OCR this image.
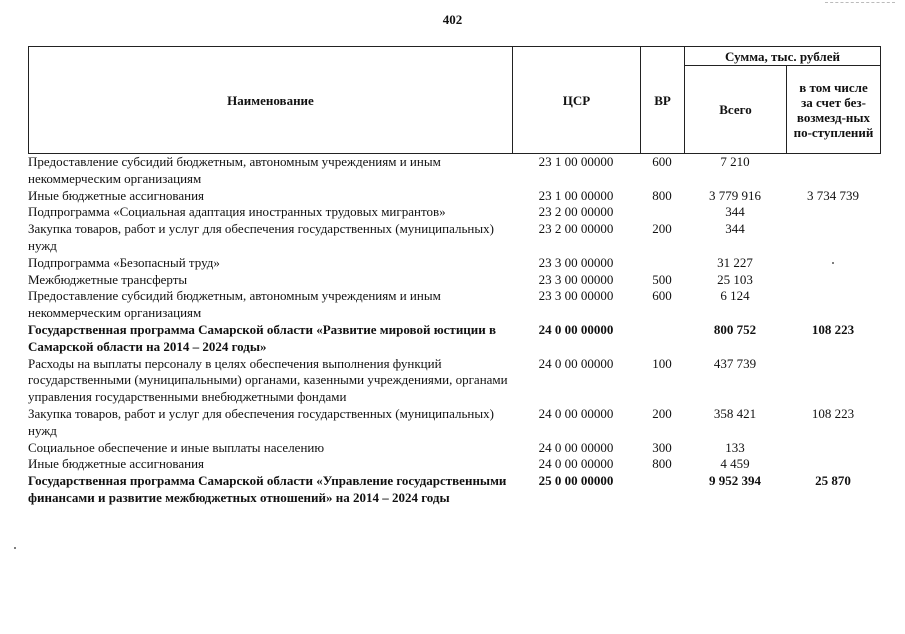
402
Наименование	ЦСР	ВР	Сумма, тыс. рублей	
			Всего	в том числе за счет без-возмезд-ных по-ступлений
Предоставление субсидий бюджетным, автономным учреждениям и иным некоммерческим организациям	23 1 00 00000	600	7 210	
Иные бюджетные ассигнования	23 1 00 00000	800	3 779 916	3 734 739
Подпрограмма «Социальная адаптация иностранных трудовых мигрантов»	23 2 00 00000		344	
Закупка товаров, работ и услуг для обеспечения государственных (муниципальных) нужд	23 2 00 00000	200	344	
Подпрограмма «Безопасный труд»	23 3 00 00000		31 227	
Межбюджетные трансферты	23 3 00 00000	500	25 103	
Предоставление субсидий бюджетным, автономным учреждениям и иным некоммерческим организациям	23 3 00 00000	600	6 124	
Государственная программа Самарской области «Развитие мировой юстиции в Самарской области на 2014 – 2024 годы»	24 0 00 00000		800 752	108 223
Расходы на выплаты персоналу в целях обеспечения выполнения функций государственными (муниципальными) органами, казенными учреждениями, органами управления государственными внебюджетными фондами	24 0 00 00000	100	437 739	
Закупка товаров, работ и услуг для обеспечения государственных (муниципальных) нужд	24 0 00 00000	200	358 421	108 223
Социальное обеспечение и иные выплаты населению	24 0 00 00000	300	133	
Иные бюджетные ассигнования	24 0 00 00000	800	4 459	
Государственная программа Самарской области «Управление государственными финансами и развитие межбюджетных отношений» на 2014 – 2024 годы	25 0 00 00000		9 952 394	25 870
